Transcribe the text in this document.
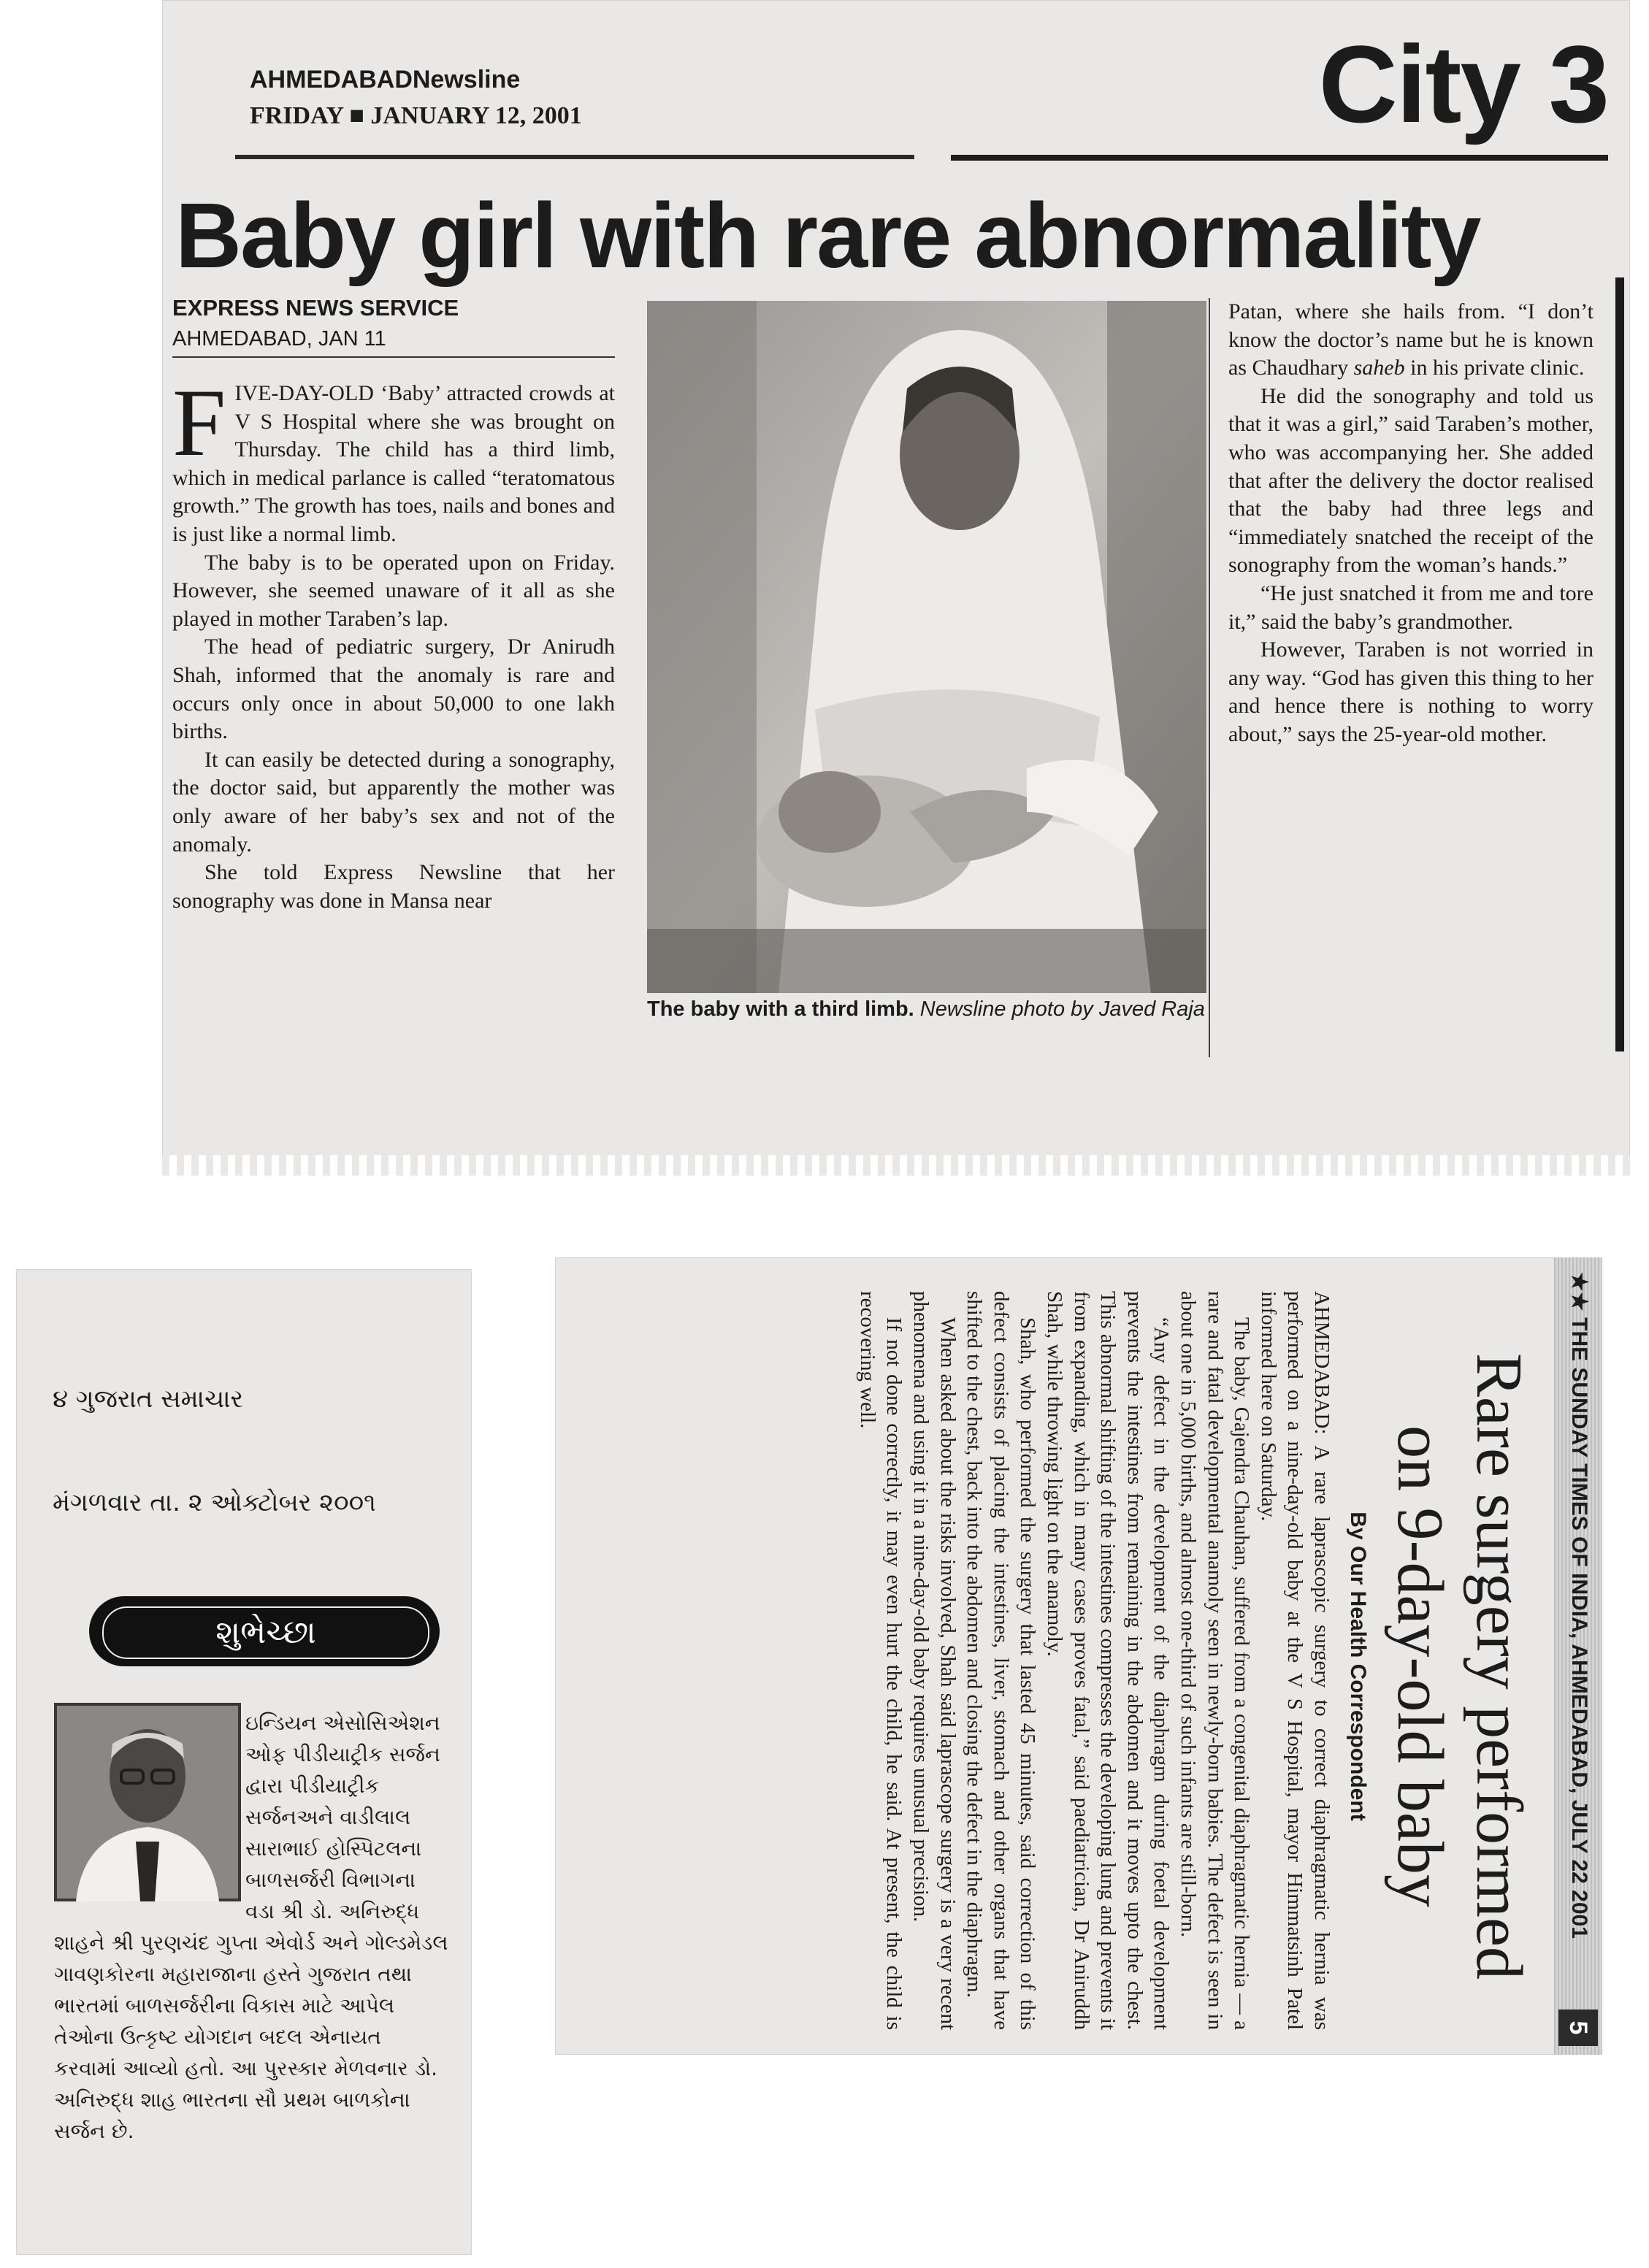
AHMEDABADNewsline
FRIDAY ■ JANUARY 12, 2001	City 3
Baby girl with rare abnormality
EXPRESS NEWS SERVICE
AHMEDABAD, JAN 11

FIVE-DAY-OLD ‘Baby’ attracted crowds at V S Hospital where she was brought on Thursday. The child has a third limb, which in medical parlance is called “teratomatous growth.” The growth has toes, nails and bones and is just like a normal limb.

The baby is to be operated upon on Friday. However, she seemed unaware of it all as she played in mother Taraben’s lap.

The head of pediatric surgery, Dr Anirudh Shah, informed that the anomaly is rare and occurs only once in about 50,000 to one lakh births.

It can easily be detected during a sonography, the doctor said, but apparently the mother was only aware of her baby’s sex and not of the anomaly.

She told Express Newsline that her sonography was done in Mansa near

The baby with a third limb. Newsline photo by Javed Raja

Patan, where she hails from. “I don’t know the doctor’s name but he is known as Chaudhary saheb in his private clinic.

He did the sonography and told us that it was a girl,” said Taraben’s mother, who was accompanying her. She added that after the delivery the doctor realised that the baby had three legs and “immediately snatched the receipt of the sonography from the woman’s hands.”

“He just snatched it from me and tore it,” said the baby’s grandmother.

However, Taraben is not worried in any way. “God has given this thing to her and hence there is nothing to worry about,” says the 25-year-old mother.

૪ ગુજરાત સમાચાર
મંગળવાર તા. ૨ ઓક્ટોબર ૨૦૦૧
શુભેચ્છા
ઇન્ડિયન એસોસિએશન ઓફ પીડીયાટ્રીક સર્જન દ્વારા પીડીયાટ્રીક સર્જનઅને વાડીલાલ સારાભાઈ હોસ્પિટલના બાળસર્જરી વિભાગના વડા શ્રી ડો. અનિરુદ્ધ શાહને શ્રી પુરણચંદ ગુપ્તા એવોર્ડ અને ગોલ્ડમેડલ ગાવણકોરના મહારાજાના હસ્તે ગુજરાત તથા ભારતમાં બાળસર્જરીના વિકાસ માટે આપેલ તેઓના ઉત્કૃષ્ટ યોગદાન બદલ એનાયત કરવામાં આવ્યો હતો. આ પુરસ્કાર મેળવનાર ડો. અનિરુદ્ધ શાહ ભારતના સૌ પ્રથમ બાળકોના સર્જન છે.
★★ THE SUNDAY TIMES OF INDIA, AHMEDABAD, JULY 22 2001
5
Rare surgery performed
on 9-day-old baby
By Our Health Correspondent

AHMEDABAD: A rare laprascopic surgery to correct diaphragmatic hernia was performed on a nine-day-old baby at the V S Hospital, mayor Himmatsinh Patel informed here on Saturday.

The baby, Gajendra Chauhan, suffered from a congenital diaphragmatic hernia — a rare and fatal developmental anamoly seen in newly-born babies. The defect is seen in about one in 5,000 births, and almost one-third of such infants are still-born.

“Any defect in the development of the diaphragm during foetal development prevents the intestines from remaining in the abdomen and it moves upto the chest. This abnormal shifting of the intestines compresses the developing lung and prevents it from expanding, which in many cases proves fatal,” said paediatrician, Dr Aniruddh Shah, while throwing light on the anamoly.

Shah, who performed the surgery that lasted 45 minutes, said correction of this defect consists of placing the intestines, liver, stomach and other organs that have shifted to the chest, back into the abdomen and closing the defect in the diaphragm.

When asked about the risks involved, Shah said laprascope surgery is a very recent phenomena and using it in a nine-day-old baby requires unusual precision.

If not done correctly, it may even hurt the child, he said. At present, the child is recovering well.
